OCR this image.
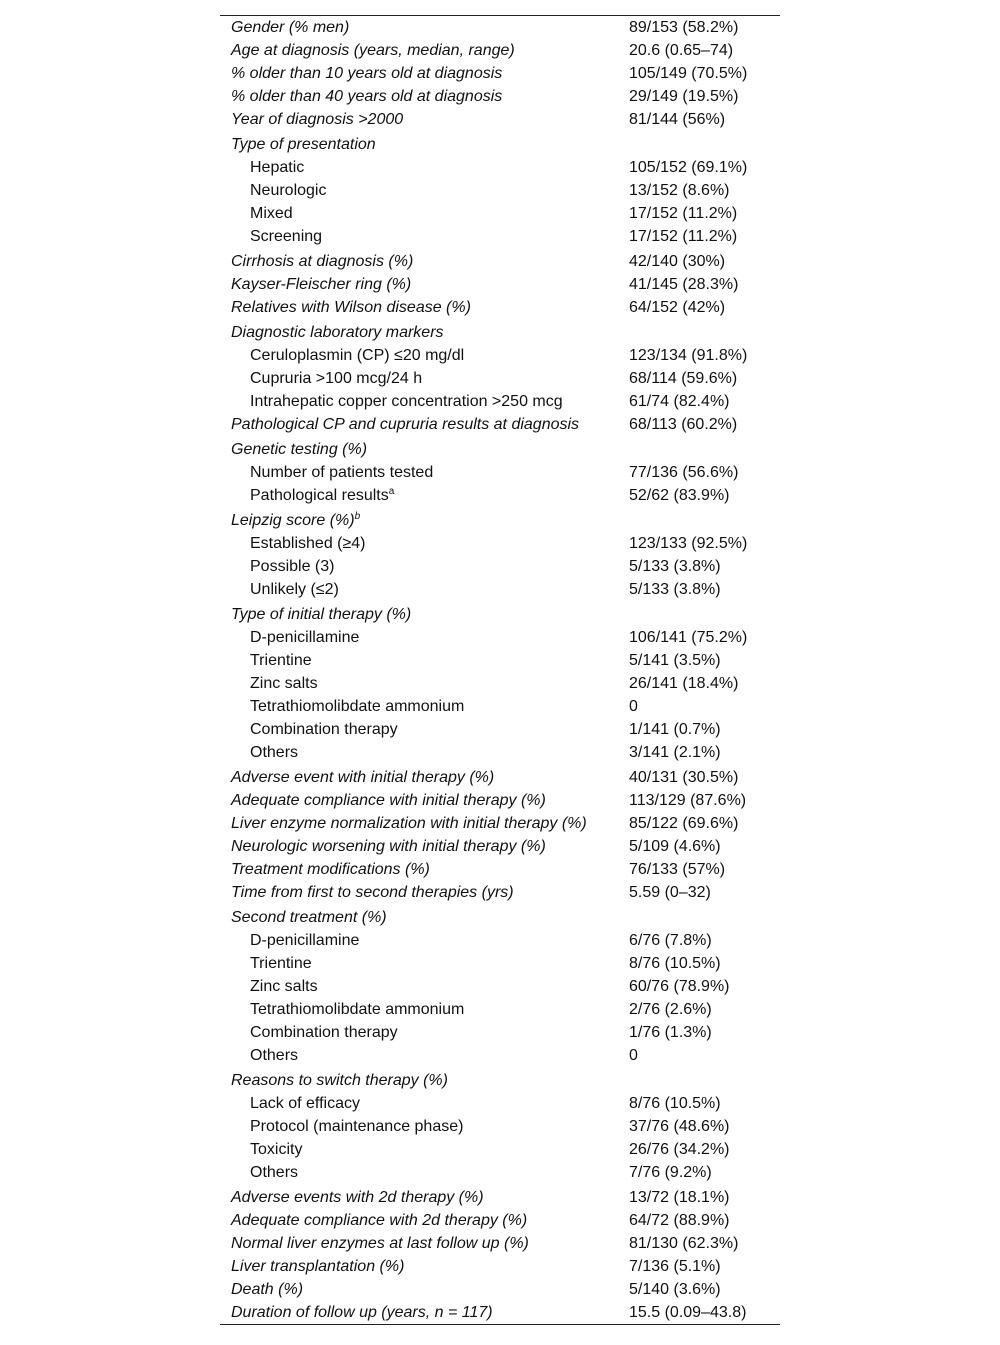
Gender (% men)	89/153 (58.2%)
Age at diagnosis (years, median, range)	20.6 (0.65–74)
% older than 10 years old at diagnosis	105/149 (70.5%)
% older than 40 years old at diagnosis	29/149 (19.5%)
Year of diagnosis >2000	81/144 (56%)
Type of presentation
Hepatic	105/152 (69.1%)
Neurologic	13/152 (8.6%)
Mixed	17/152 (11.2%)
Screening	17/152 (11.2%)
Cirrhosis at diagnosis (%)	42/140 (30%)
Kayser-Fleischer ring (%)	41/145 (28.3%)
Relatives with Wilson disease (%)	64/152 (42%)
Diagnostic laboratory markers
Ceruloplasmin (CP) ≤20 mg/dl	123/134 (91.8%)
Cupruria >100 mcg/24 h	68/114 (59.6%)
Intrahepatic copper concentration >250 mcg	61/74 (82.4%)
Pathological CP and cupruria results at diagnosis	68/113 (60.2%)
Genetic testing (%)
Number of patients tested	77/136 (56.6%)
Pathological results$^a$	52/62 (83.9%)
Leipzig score (%)$^b$
Established (≥4)	123/133 (92.5%)
Possible (3)	5/133 (3.8%)
Unlikely (≤2)	5/133 (3.8%)
Type of initial therapy (%)
D-penicillamine	106/141 (75.2%)
Trientine	5/141 (3.5%)
Zinc salts	26/141 (18.4%)
Tetrathiomolibdate ammonium	0
Combination therapy	1/141 (0.7%)
Others	3/141 (2.1%)
Adverse event with initial therapy (%)	40/131 (30.5%)
Adequate compliance with initial therapy (%)	113/129 (87.6%)
Liver enzyme normalization with initial therapy (%)	85/122 (69.6%)
Neurologic worsening with initial therapy (%)	5/109 (4.6%)
Treatment modifications (%)	76/133 (57%)
Time from first to second therapies (yrs)	5.59 (0–32)
Second treatment (%)
D-penicillamine	6/76 (7.8%)
Trientine	8/76 (10.5%)
Zinc salts	60/76 (78.9%)
Tetrathiomolibdate ammonium	2/76 (2.6%)
Combination therapy	1/76 (1.3%)
Others	0
Reasons to switch therapy (%)
Lack of efficacy	8/76 (10.5%)
Protocol (maintenance phase)	37/76 (48.6%)
Toxicity	26/76 (34.2%)
Others	7/76 (9.2%)
Adverse events with 2d therapy (%)	13/72 (18.1%)
Adequate compliance with 2d therapy (%)	64/72 (88.9%)
Normal liver enzymes at last follow up (%)	81/130 (62.3%)
Liver transplantation (%)	7/136 (5.1%)
Death (%)	5/140 (3.6%)
Duration of follow up (years, n = 117)	15.5 (0.09–43.8)
